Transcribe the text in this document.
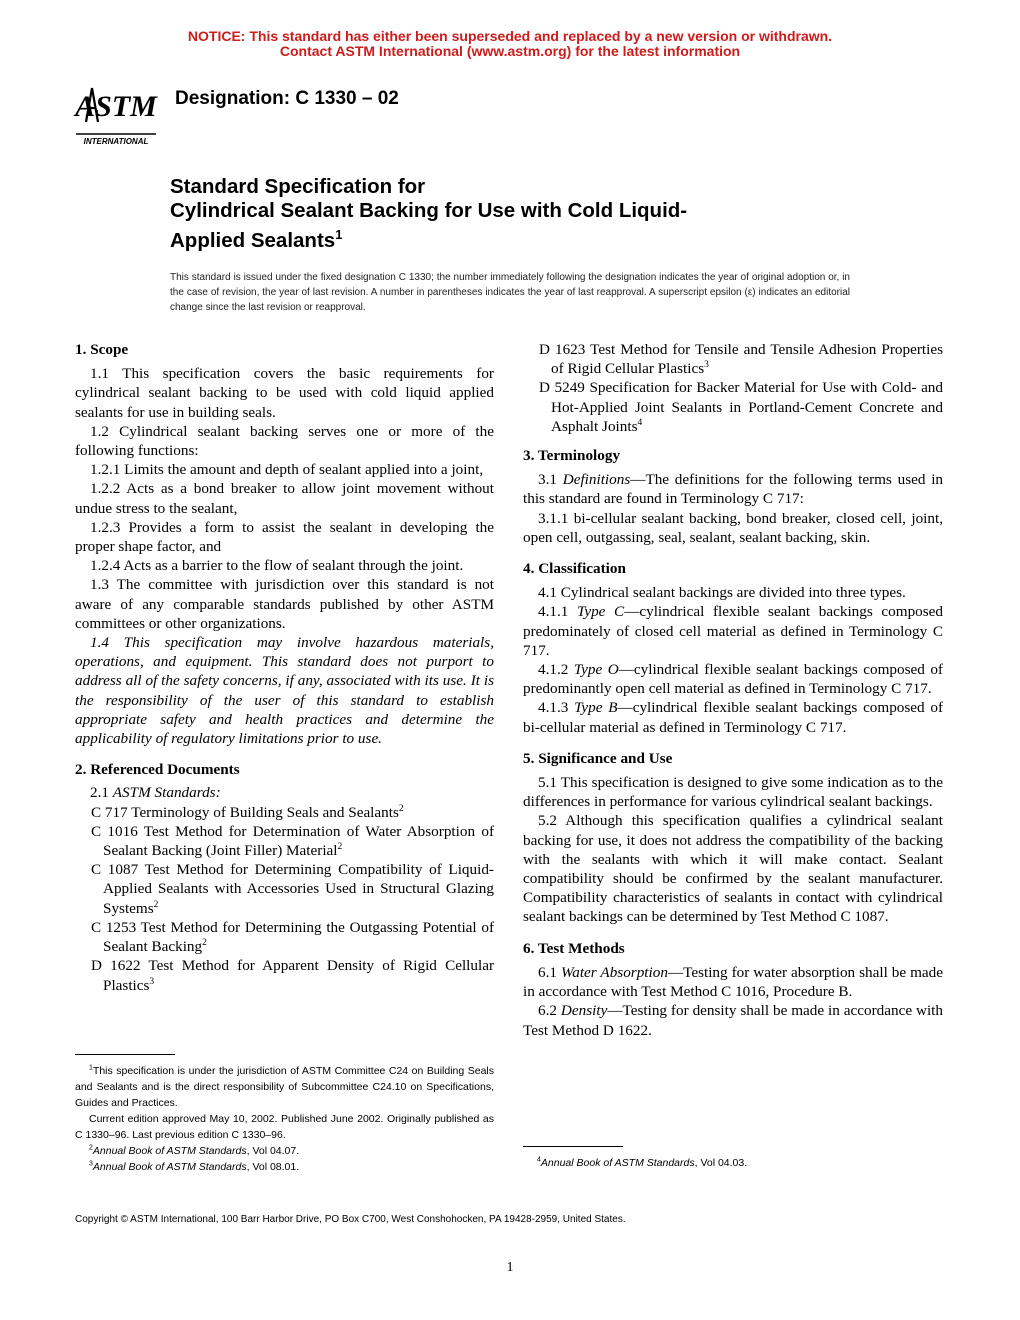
NOTICE: This standard has either been superseded and replaced by a new version or withdrawn.
Contact ASTM International (www.astm.org) for the latest information
ASTM
INTERNATIONAL
Designation: C 1330 – 02
Standard Specification for
Cylindrical Sealant Backing for Use with Cold Liquid-
Applied Sealants$^1$
This standard is issued under the fixed designation C 1330; the number immediately following the designation indicates the year of original adoption or, in the case of revision, the year of last revision. A number in parentheses indicates the year of last reapproval. A superscript epsilon (ε) indicates an editorial change since the last revision or reapproval.
1. Scope

1.1 This specification covers the basic requirements for cylindrical sealant backing to be used with cold liquid applied sealants for use in building seals.

1.2 Cylindrical sealant backing serves one or more of the following functions:

1.2.1 Limits the amount and depth of sealant applied into a joint,

1.2.2 Acts as a bond breaker to allow joint movement without undue stress to the sealant,

1.2.3 Provides a form to assist the sealant in developing the proper shape factor, and

1.2.4 Acts as a barrier to the flow of sealant through the joint.

1.3 The committee with jurisdiction over this standard is not aware of any comparable standards published by other ASTM committees or other organizations.

1.4 This specification may involve hazardous materials, operations, and equipment. This standard does not purport to address all of the safety concerns, if any, associated with its use. It is the responsibility of the user of this standard to establish appropriate safety and health practices and determine the applicability of regulatory limitations prior to use.

2. Referenced Documents

2.1 ASTM Standards:

C 717 Terminology of Building Seals and Sealants$^2$

C 1016 Test Method for Determination of Water Absorption of Sealant Backing (Joint Filler) Material$^2$

C 1087 Test Method for Determining Compatibility of Liquid-Applied Sealants with Accessories Used in Structural Glazing Systems$^2$

C 1253 Test Method for Determining the Outgassing Potential of Sealant Backing$^2$

D 1622 Test Method for Apparent Density of Rigid Cellular Plastics$^3$

D 1623 Test Method for Tensile and Tensile Adhesion Properties of Rigid Cellular Plastics$^3$

D 5249 Specification for Backer Material for Use with Cold- and Hot-Applied Joint Sealants in Portland-Cement Concrete and Asphalt Joints$^4$

3. Terminology

3.1 Definitions—The definitions for the following terms used in this standard are found in Terminology C 717:

3.1.1 bi-cellular sealant backing, bond breaker, closed cell, joint, open cell, outgassing, seal, sealant, sealant backing, skin.

4. Classification

4.1 Cylindrical sealant backings are divided into three types.

4.1.1 Type C—cylindrical flexible sealant backings composed predominately of closed cell material as defined in Terminology C 717.

4.1.2 Type O—cylindrical flexible sealant backings composed of predominantly open cell material as defined in Terminology C 717.

4.1.3 Type B—cylindrical flexible sealant backings composed of bi-cellular material as defined in Terminology C 717.

5. Significance and Use

5.1 This specification is designed to give some indication as to the differences in performance for various cylindrical sealant backings.

5.2 Although this specification qualifies a cylindrical sealant backing for use, it does not address the compatibility of the backing with the sealants with which it will make contact. Sealant compatibility should be confirmed by the sealant manufacturer. Compatibility characteristics of sealants in contact with cylindrical sealant backings can be determined by Test Method C 1087.

6. Test Methods

6.1 Water Absorption—Testing for water absorption shall be made in accordance with Test Method C 1016, Procedure B.

6.2 Density—Testing for density shall be made in accordance with Test Method D 1622.

$^1$This specification is under the jurisdiction of ASTM Committee C24 on Building Seals and Sealants and is the direct responsibility of Subcommittee C24.10 on Specifications, Guides and Practices.

Current edition approved May 10, 2002. Published June 2002. Originally published as C 1330–96. Last previous edition C 1330–96.

$^2$Annual Book of ASTM Standards, Vol 04.07.

$^3$Annual Book of ASTM Standards, Vol 08.01.

$^4$Annual Book of ASTM Standards, Vol 04.03.

Copyright © ASTM International, 100 Barr Harbor Drive, PO Box C700, West Conshohocken, PA 19428-2959, United States.
1
